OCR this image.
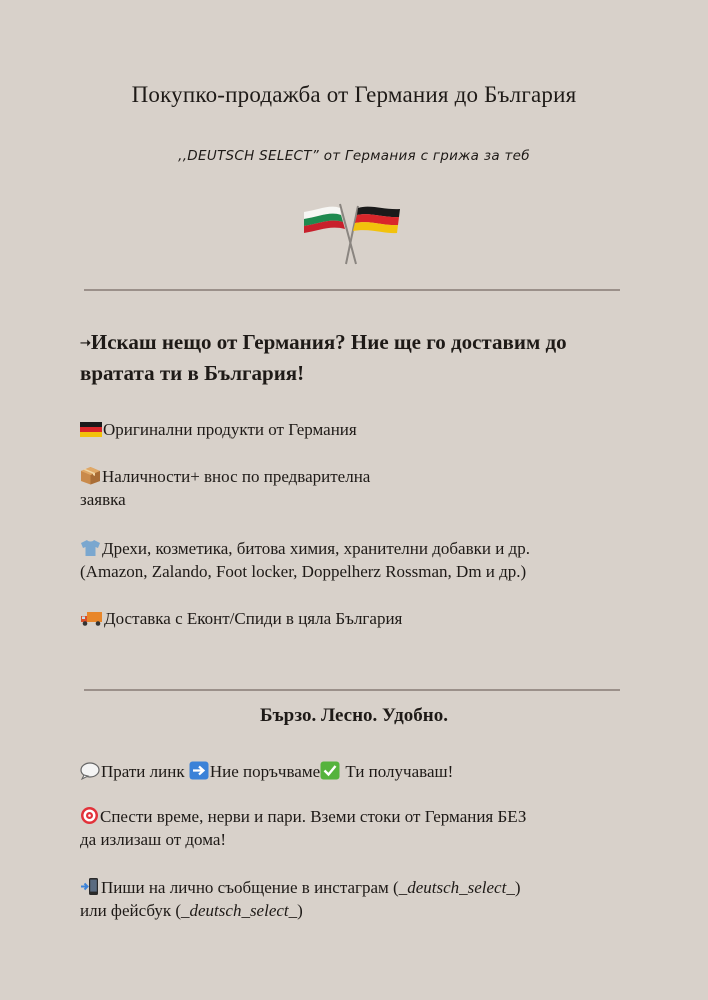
Покупко-продажба от Германия до България
,,DEUTSCH SELECT” от Германия с грижа за теб
➝Искаш нещо от Германия? Ние ще го доставим до
вратата ти в България!
Оригинални продукти от Германия
Наличности+ внос по предварителна
заявка
Дрехи, козметика, битова химия, хранителни добавки и др.
(Amazon, Zalando, Foot locker, Doppelherz Rossman, Dm и др.)
Доставка с Еконт/Спиди в цяла България
Бързо. Лесно. Удобно.
Прати линк Ние поръчваме Ти получаваш!
Спести време, нерви и пари. Вземи стоки от Германия БЕЗ
да излизаш от дома!
Пиши на лично съобщение в инстаграм (_deutsch_select_)
или фейсбук (_deutsch_select_)
